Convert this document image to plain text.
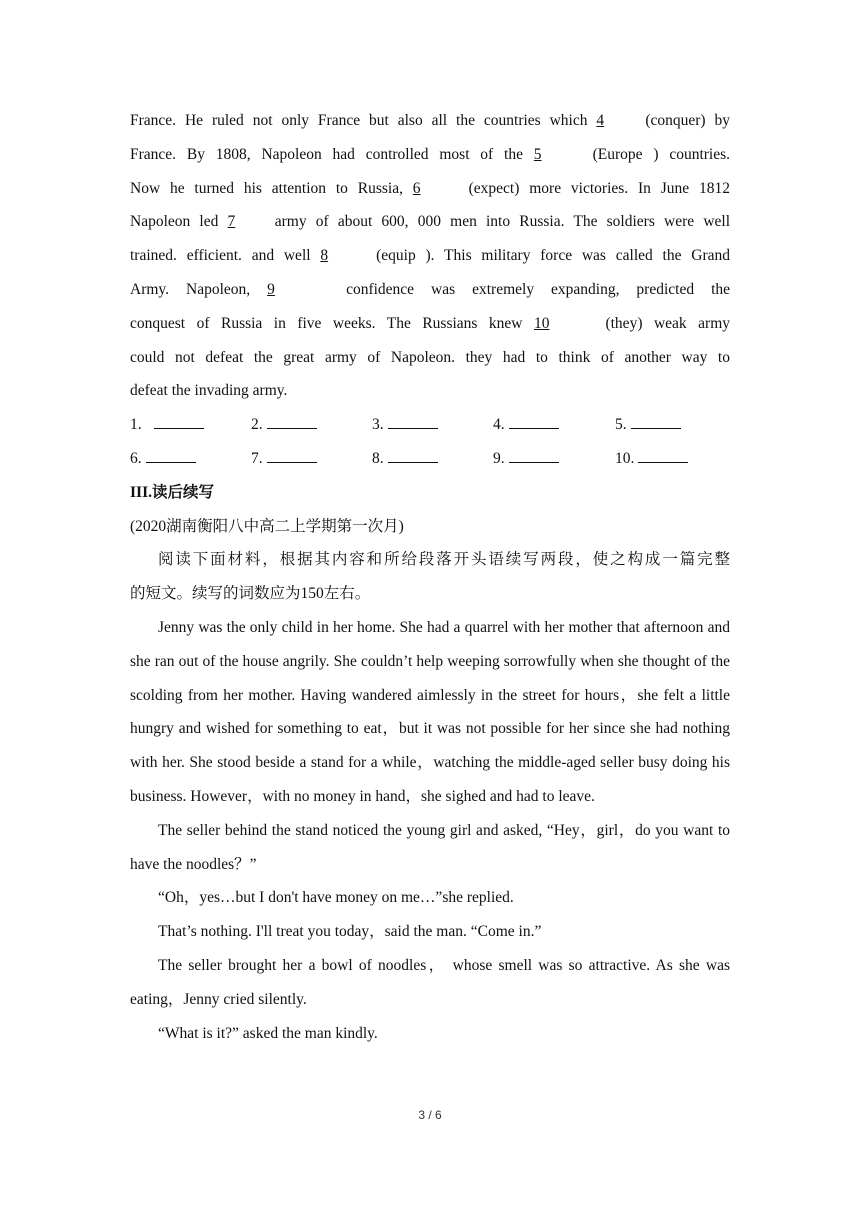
France. He ruled not only France but also all the countries which 4 (conquer) by

France. By 1808, Napoleon had controlled most of the 5	(Europe ) countries.

Now he turned his attention to Russia, 6 (expect) more victories. In June 1812

Napoleon led 7 army of about 600, 000 men into Russia. The soldiers were well

trained. efficient. and well 8 (equip ). This military force was called the Grand

Army. Napoleon, 9	confidence was extremely expanding, predicted the

conquest of Russia in five weeks. The Russians knew 10	(they) weak army

could not defeat the great army of Napoleon. they had to think of another way to

defeat the invading army.

1.	2.	3.	4.	5.
6.	7.	8.	9.	10.
III.读后续写

(2020湖南衡阳八中高二上学期第一次月)

阅读下面材料，根据其内容和所给段落开头语续写两段，使之构成一篇完整

的短文。续写的词数应为150左右。

Jenny was the only child in her home. She had a quarrel with her mother that afternoon and she ran out of the house angrily. She couldn’t help weeping sorrowfully when she thought of the scolding from her mother. Having wandered aimlessly in the street for hours，she felt a little hungry and wished for something to eat，but it was not possible for her since she had nothing with her. She stood beside a stand for a while，watching the middle-aged seller busy doing his business. However，with no money in hand，she sighed and had to leave.

The seller behind the stand noticed the young girl and asked, “Hey，girl，do you want to have the noodles？”

“Oh，yes…but I don't have money on me…”she replied.

That’s nothing. I'll treat you today，said the man. “Come in.”

The seller brought her a bowl of noodles， whose smell was so attractive. As she was eating，Jenny cried silently.

“What is it?” asked the man kindly.

3 / 6
